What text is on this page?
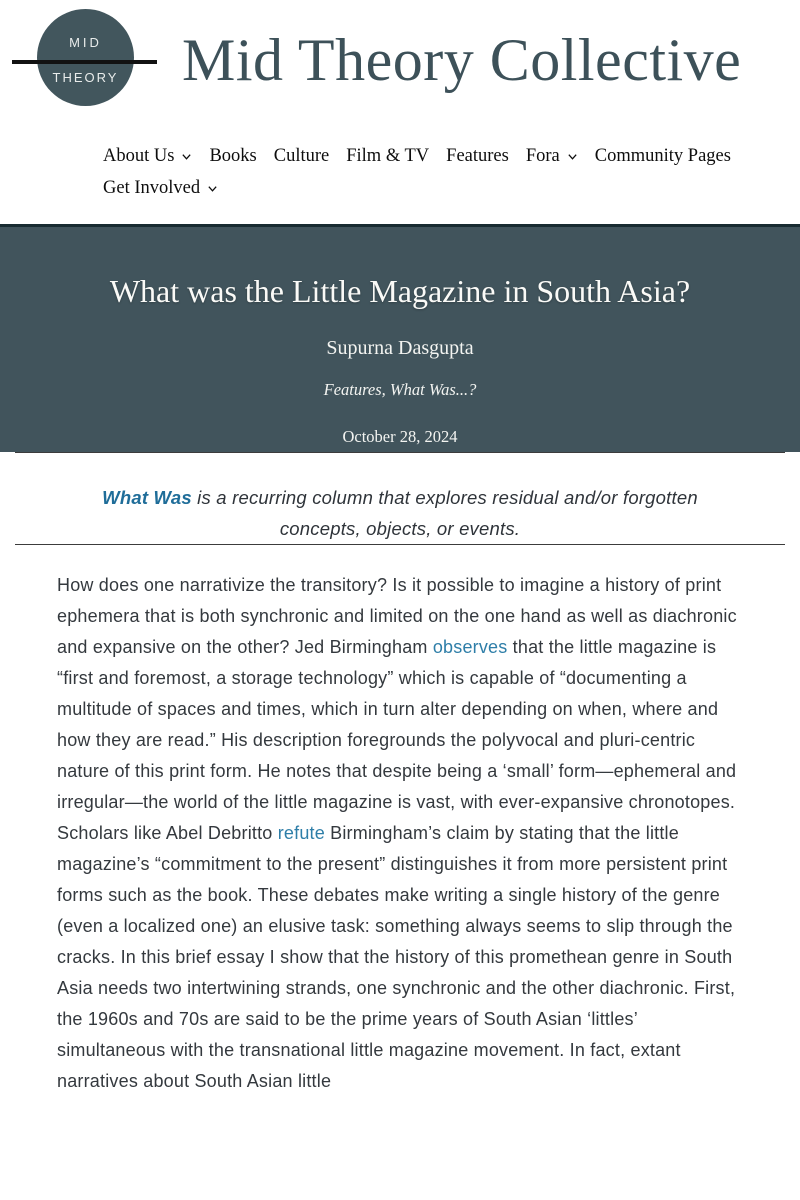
MID
THEORY Mid Theory Collective
About Us Books Culture Film & TV Features Fora Community Pages
Get Involved
What was the Little Magazine in South Asia?
Supurna Dasgupta
Features, What Was...?
October 28, 2024

What Was is a recurring column that explores residual and/or forgotten concepts, objects, or events.

How does one narrativize the transitory? Is it possible to imagine a history of print ephemera that is both synchronic and limited on the one hand as well as diachronic and expansive on the other? Jed Birmingham observes that the little magazine is “first and foremost, a storage technology” which is capable of “documenting a multitude of spaces and times, which in turn alter depending on when, where and how they are read.” His description foregrounds the polyvocal and pluri-centric nature of this print form. He notes that despite being a ‘small’ form—ephemeral and irregular—the world of the little magazine is vast, with ever-expansive chronotopes. Scholars like Abel Debritto refute Birmingham’s claim by stating that the little magazine’s “commitment to the present” distinguishes it from more persistent print forms such as the book. These debates make writing a single history of the genre (even a localized one) an elusive task: something always seems to slip through the cracks. In this brief essay I show that the history of this promethean genre in South Asia needs two intertwining strands, one synchronic and the other diachronic. First, the 1960s and 70s are said to be the prime years of South Asian ‘littles’ simultaneous with the transnational little magazine movement. In fact, extant narratives about South Asian little
